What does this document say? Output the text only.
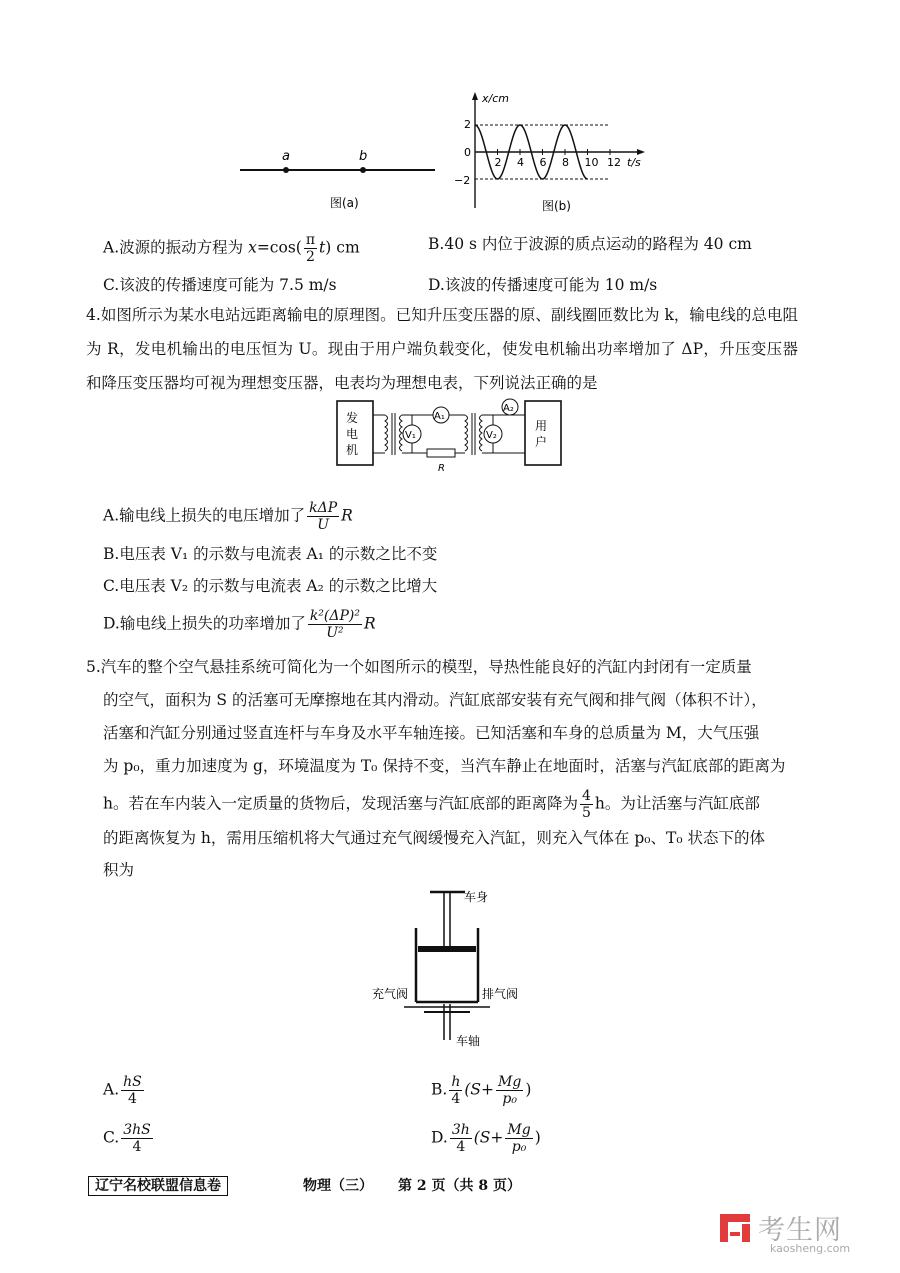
a	b
图(a)
x/cm
t/s
2
0
−2
2 4 6 8 10 12
图(b)
A.波源的振动方程为 $x=\cos( \frac{\pi}{2} t)$ cm	B.40 s 内位于波源的质点运动的路程为 40 cm
C.该波的传播速度可能为 7.5 m/s	D.该波的传播速度可能为 10 m/s
4.如图所示为某水电站远距离输电的原理图。已知升压变压器的原、副线圈匝数比为 k，输电线的总电阻为 R，发电机输出的电压恒为 U。现由于用户端负载变化，使发电机输出功率增加了 ΔP，升压变压器和降压变压器均可视为理想变压器，电表均为理想电表，下列说法正确的是
发
电
机
V₁
A₁
R
V₂
A₂
用
户
A.输电线上损失的电压增加了 $\frac{\text{kΔP}}{U}$ R
B.电压表 V₁ 的示数与电流表 A₁ 的示数之比不变
C.电压表 V₂ 的示数与电流表 A₂ 的示数之比增大
D.输电线上损失的功率增加了 $\frac{\text{k²(ΔP)²}}{\text{U²}}$ R
5.汽车的整个空气悬挂系统可简化为一个如图所示的模型，导热性能良好的汽缸内封闭有一定质量
的空气，面积为 S 的活塞可无摩擦地在其内滑动。汽缸底部安装有充气阀和排气阀（体积不计），
活塞和汽缸分别通过竖直连杆与车身及水平车轴连接。已知活塞和车身的总质量为 M，大气压强
为 p₀，重力加速度为 g，环境温度为 T₀ 保持不变，当汽车静止在地面时，活塞与汽缸底部的距离为
h。若在车内装入一定质量的货物后，发现活塞与汽缸底部的距离降为 $\frac{4}{5}$ h。为让活塞与汽缸底部
的距离恢复为 h，需用压缩机将大气通过充气阀缓慢充入汽缸，则充入气体在 p₀、T₀ 状态下的体
积为
车身
车轴
充气阀	排气阀
A. $\frac{hS}{4}$	B. $\frac{h}{4} (S+ \frac{Mg}{\text{p₀}}$ )
C. $\frac{3hS}{4}$	D. $\frac{3h}{4} (S+ \frac{Mg}{\text{p₀}}$ )
辽宁名校联盟信息卷	物理（三） 第 2 页（共 8 页）
考生网
kaosheng.com
